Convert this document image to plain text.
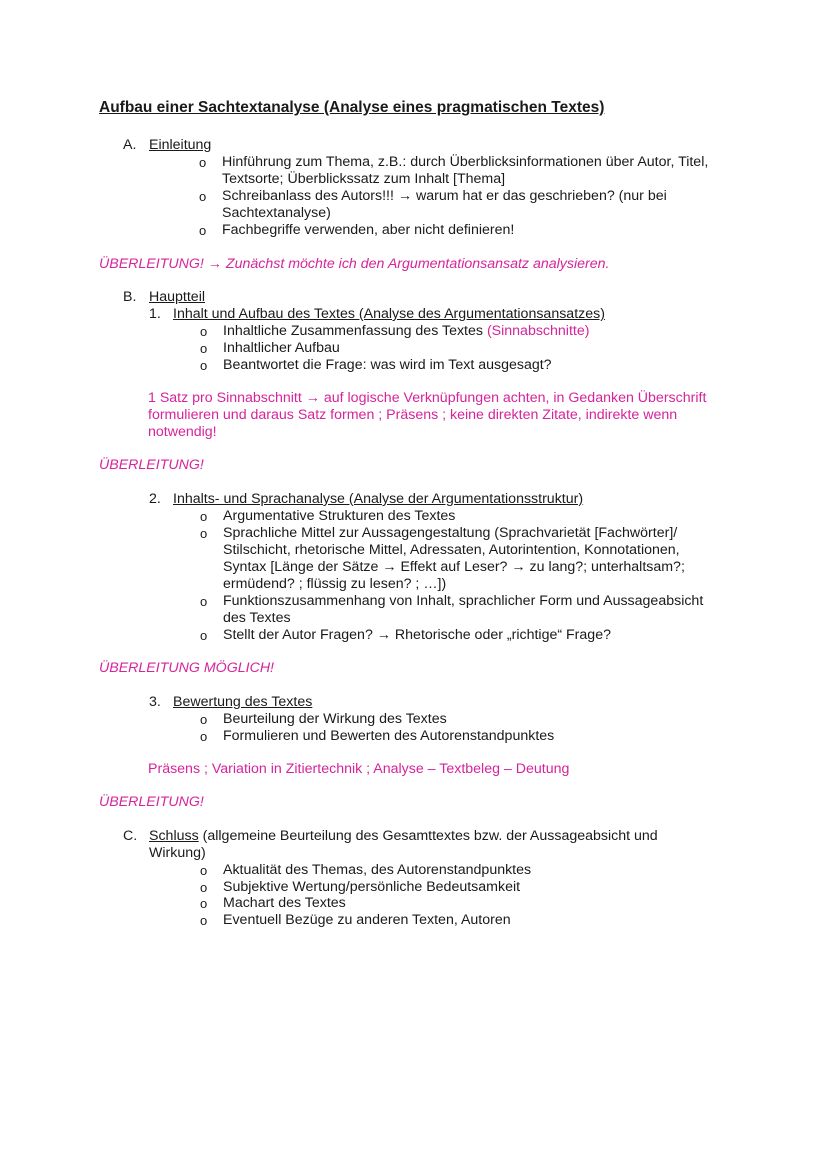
Aufbau einer Sachtextanalyse (Analyse eines pragmatischen Textes)
A. Einleitung
o Hinführung zum Thema, z.B.: durch Überblicksinformationen über Autor, Titel,
Textsorte; Überblickssatz zum Inhalt [Thema]
o Schreibanlass des Autors!!! → warum hat er das geschrieben? (nur bei
Sachtextanalyse)
o Fachbegriffe verwenden, aber nicht definieren!
ÜBERLEITUNG! → Zunächst möchte ich den Argumentationsansatz analysieren.
B. Hauptteil
1. Inhalt und Aufbau des Textes (Analyse des Argumentationsansatzes)
o Inhaltliche Zusammenfassung des Textes (Sinnabschnitte)
o Inhaltlicher Aufbau
o Beantwortet die Frage: was wird im Text ausgesagt?
1 Satz pro Sinnabschnitt → auf logische Verknüpfungen achten, in Gedanken Überschrift
formulieren und daraus Satz formen ; Präsens ; keine direkten Zitate, indirekte wenn
notwendig!
ÜBERLEITUNG!
2. Inhalts- und Sprachanalyse (Analyse der Argumentationsstruktur)
o Argumentative Strukturen des Textes
o Sprachliche Mittel zur Aussagengestaltung (Sprachvarietät [Fachwörter]/
Stilschicht, rhetorische Mittel, Adressaten, Autorintention, Konnotationen,
Syntax [Länge der Sätze → Effekt auf Leser? → zu lang?; unterhaltsam?;
ermüdend? ; flüssig zu lesen? ; …])
o Funktionszusammenhang von Inhalt, sprachlicher Form und Aussageabsicht
des Textes
o Stellt der Autor Fragen? → Rhetorische oder „richtige“ Frage?
ÜBERLEITUNG MÖGLICH!
3. Bewertung des Textes
o Beurteilung der Wirkung des Textes
o Formulieren und Bewerten des Autorenstandpunktes
Präsens ; Variation in Zitiertechnik ; Analyse – Textbeleg – Deutung
ÜBERLEITUNG!
C. Schluss (allgemeine Beurteilung des Gesamttextes bzw. der Aussageabsicht und
Wirkung)
o Aktualität des Themas, des Autorenstandpunktes
o Subjektive Wertung/persönliche Bedeutsamkeit
o Machart des Textes
o Eventuell Bezüge zu anderen Texten, Autoren
